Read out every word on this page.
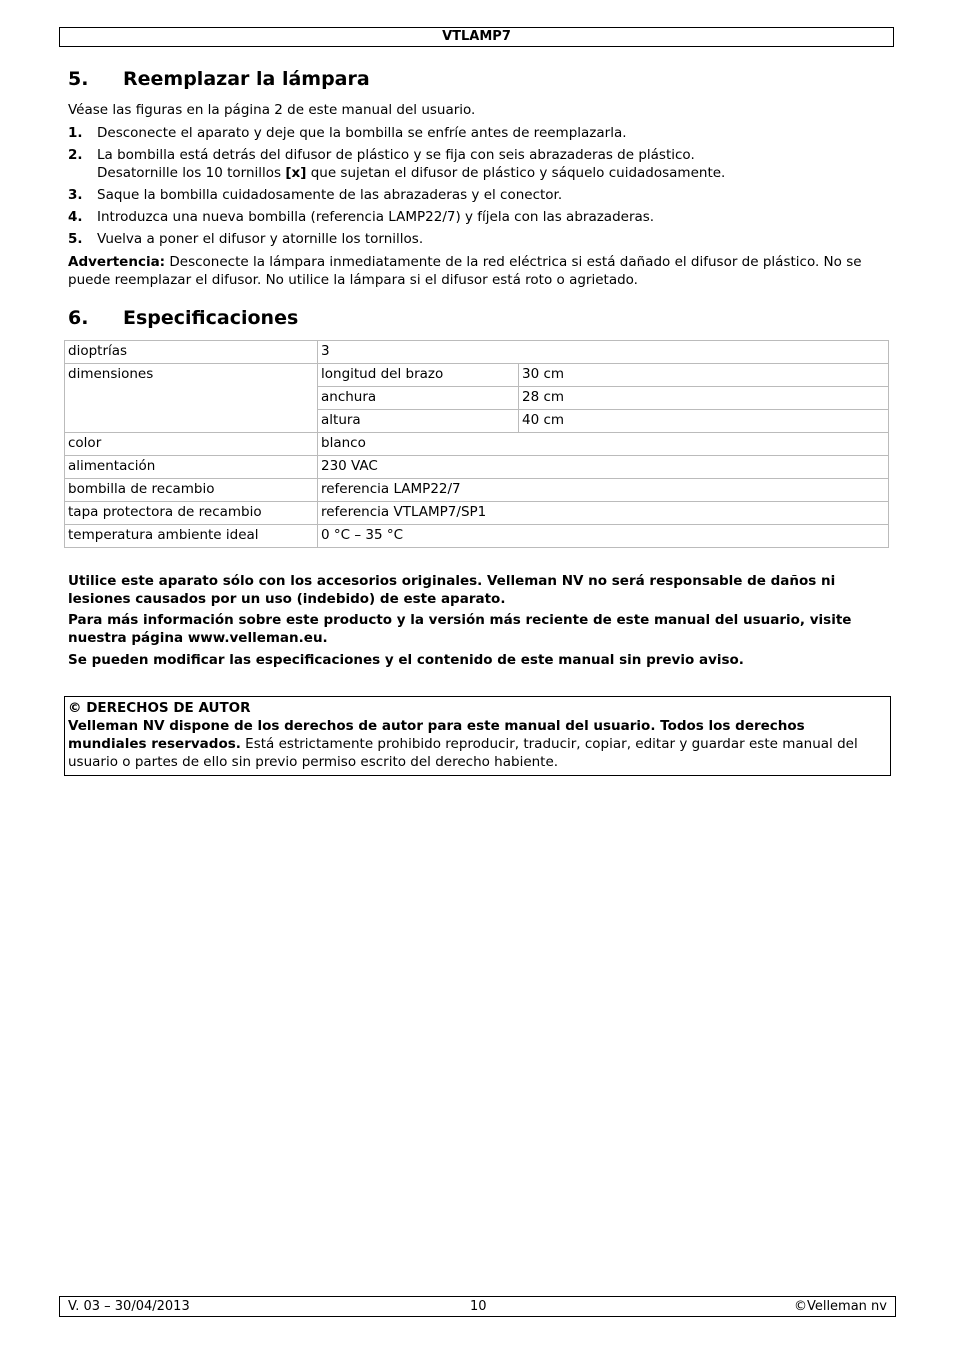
VTLAMP7
5. Reemplazar la lámpara

Véase las figuras en la página 2 de este manual del usuario.

1. Desconecte el aparato y deje que la bombilla se enfríe antes de reemplazarla.
2. La bombilla está detrás del difusor de plástico y se fija con seis abrazaderas de plástico.
Desatornille los 10 tornillos [x] que sujetan el difusor de plástico y sáquelo cuidadosamente.
3. Saque la bombilla cuidadosamente de las abrazaderas y el conector.
4. Introduzca una nueva bombilla (referencia LAMP22/7) y fíjela con las abrazaderas.
5. Vuelva a poner el difusor y atornille los tornillos.

Advertencia: Desconecte la lámpara inmediatamente de la red eléctrica si está dañado el difusor de plástico. No se puede reemplazar el difusor. No utilice la lámpara si el difusor está roto o agrietado.

6. Especificaciones
dioptrías	3	
dimensiones	longitud del brazo	30 cm
	anchura	28 cm
	altura	40 cm
color	blanco	
alimentación	230 VAC	
bombilla de recambio	referencia LAMP22/7	
tapa protectora de recambio	referencia VTLAMP7/SP1	
temperatura ambiente ideal	0 °C – 35 °C	

Utilice este aparato sólo con los accesorios originales. Velleman NV no será responsable de daños ni lesiones causados por un uso (indebido) de este aparato.

Para más información sobre este producto y la versión más reciente de este manual del usuario, visite nuestra página www.velleman.eu.

Se pueden modificar las especificaciones y el contenido de este manual sin previo aviso.

© DERECHOS DE AUTOR
Velleman NV dispone de los derechos de autor para este manual del usuario. Todos los derechos mundiales reservados. Está estrictamente prohibido reproducir, traducir, copiar, editar y guardar este manual del usuario o partes de ello sin previo permiso escrito del derecho habiente.
V. 03 – 30/04/2013	10	©Velleman nv
